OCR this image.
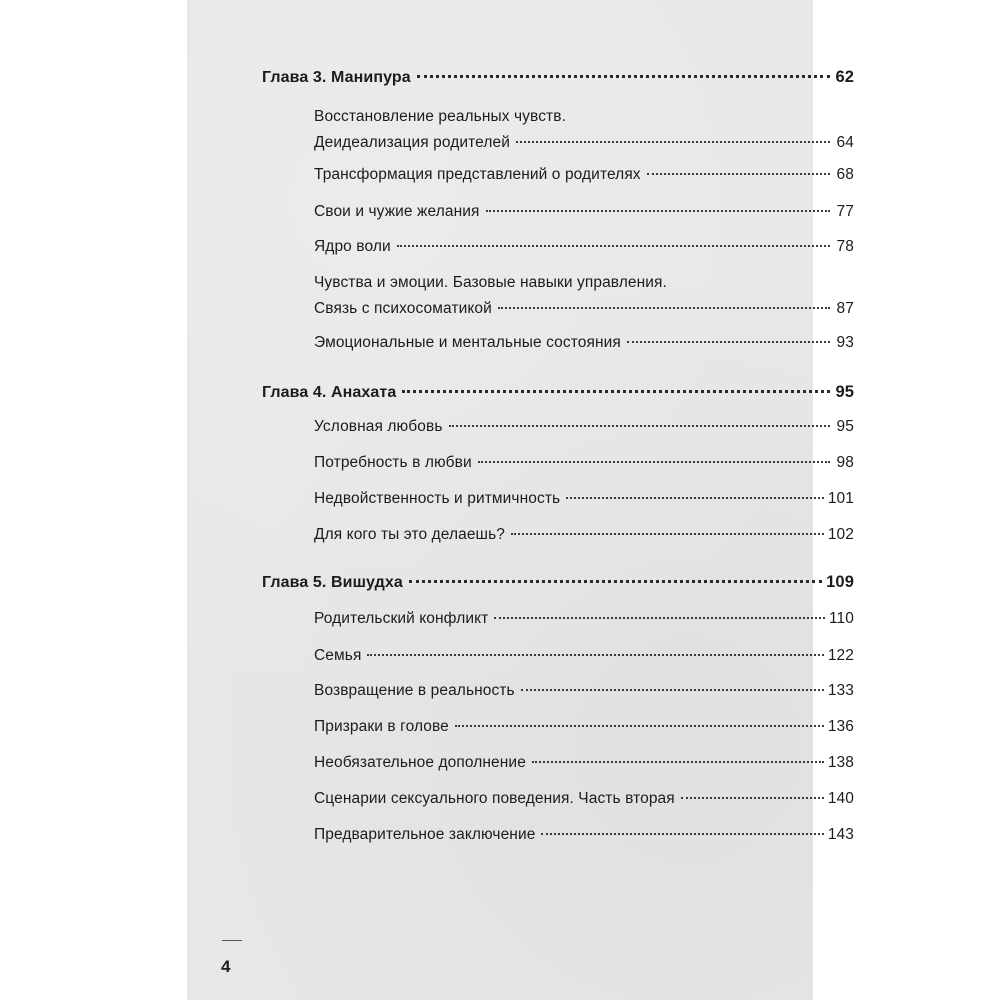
Глава 3. Манипура	62
Восстановление реальных чувств.
Деидеализация родителей	64
Трансформация представлений о родителях	68
Свои и чужие желания	77
Ядро воли	78
Чувства и эмоции. Базовые навыки управления.
Связь с психосоматикой	87
Эмоциональные и ментальные состояния	93
Глава 4. Анахата	95
Условная любовь	95
Потребность в любви	98
Недвойственность и ритмичность	101
Для кого ты это делаешь?	102
Глава 5. Вишудха	109
Родительский конфликт	110
Семья	122
Возвращение в реальность	133
Призраки в голове	136
Необязательное дополнение	138
Сценарии сексуального поведения. Часть вторая	140
Предварительное заключение	143
4
